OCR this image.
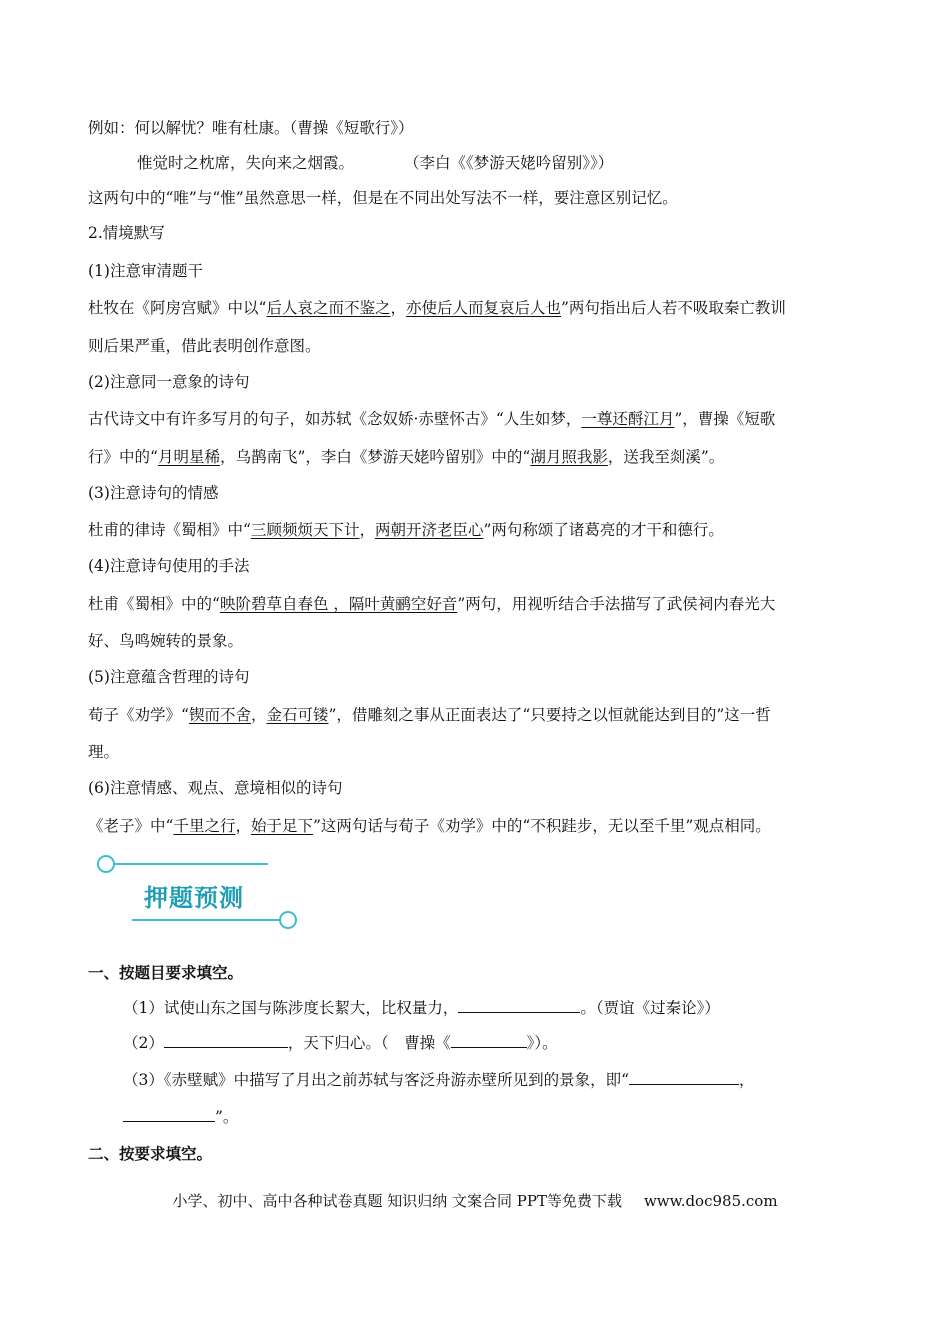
例如：何以解忧？唯有杜康。（曹操《短歌行》）
惟觉时之枕席，失向来之烟霞。	（李白《《梦游天姥吟留别》》）
这两句中的“唯”与“惟”虽然意思一样，但是在不同出处写法不一样，要注意区别记忆。
2.情境默写
(1)注意审清题干
杜牧在《阿房宫赋》中以“后人哀之而不鉴之，亦使后人而复哀后人也”两句指出后人若不吸取秦亡教训
则后果严重，借此表明创作意图。
(2)注意同一意象的诗句
古代诗文中有许多写月的句子，如苏轼《念奴娇·赤壁怀古》“人生如梦，一尊还酹江月”，曹操《短歌
行》中的“月明星稀，乌鹊南飞”，李白《梦游天姥吟留别》中的“湖月照我影，送我至剡溪”。
(3)注意诗句的情感
杜甫的律诗《蜀相》中“三顾频烦天下计，两朝开济老臣心”两句称颂了诸葛亮的才干和德行。
(4)注意诗句使用的手法
杜甫《蜀相》中的“映阶碧草自春色 ，隔叶黄鹂空好音”两句，用视听结合手法描写了武侯祠内春光大
好、鸟鸣婉转的景象。
(5)注意蕴含哲理的诗句
荀子《劝学》“锲而不舍，金石可镂”，借雕刻之事从正面表达了“只要持之以恒就能达到目的”这一哲
理。
(6)注意情感、观点、意境相似的诗句
《老子》中“千里之行，始于足下”这两句话与荀子《劝学》中的“不积跬步，无以至千里”观点相同。
押题预测
一、按题目要求填空。
（1）试使山东之国与陈涉度长絜大，比权量力，	。（贾谊《过秦论》）
（2）	，天下归心。（　曹操《	》）。
（3）《赤壁赋》中描写了月出之前苏轼与客泛舟游赤壁所见到的景象，即“	，
”。
二、按要求填空。
小学、初中、高中各种试卷真题 知识归纳 文案合同 PPT等免费下载 www.doc985.com
